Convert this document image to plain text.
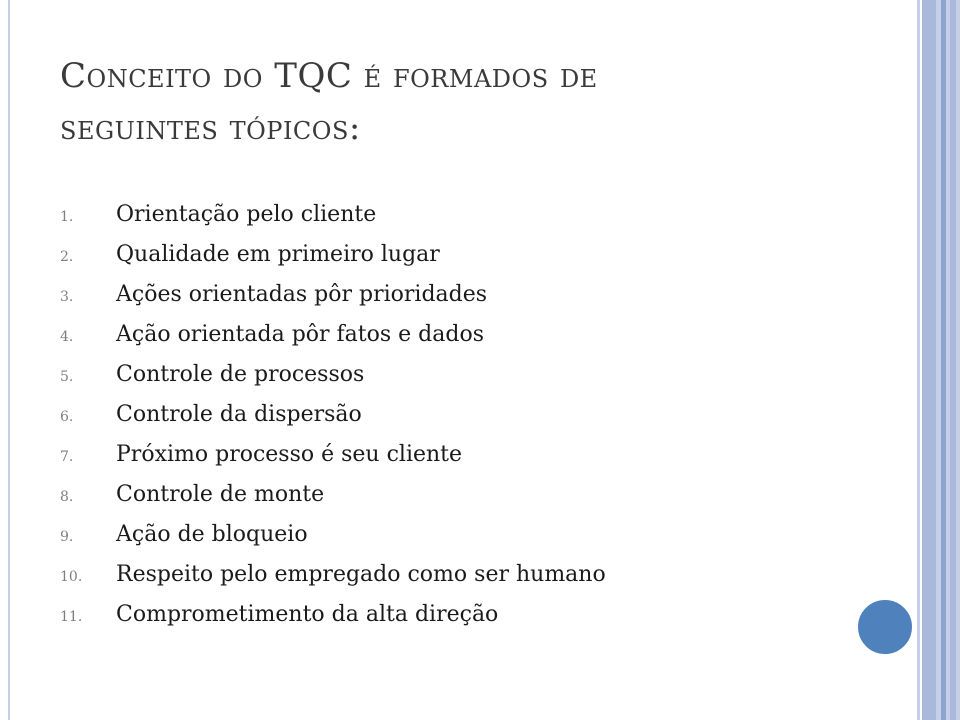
Conceito do TQC é formados de
seguintes tópicos:
1.	Orientação pelo cliente
2.	Qualidade em primeiro lugar
3.	Ações orientadas pôr prioridades
4.	Ação orientada pôr fatos e dados
5.	Controle de processos
6.	Controle da dispersão
7.	Próximo processo é seu cliente
8.	Controle de monte
9.	Ação de bloqueio
10.	Respeito pelo empregado como ser humano
11.	Comprometimento da alta direção
